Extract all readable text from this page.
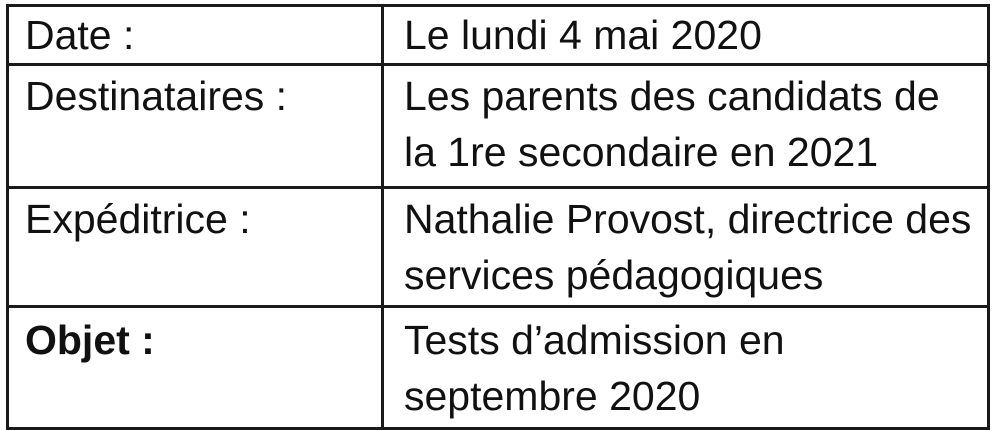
Date :	Le lundi 4 mai 2020
Destinataires :	Les parents des candidats de la 1re secondaire en 2021
Expéditrice :	Nathalie Provost, directrice des services pédagogiques
Objet :	Tests d’admission en septembre 2020
